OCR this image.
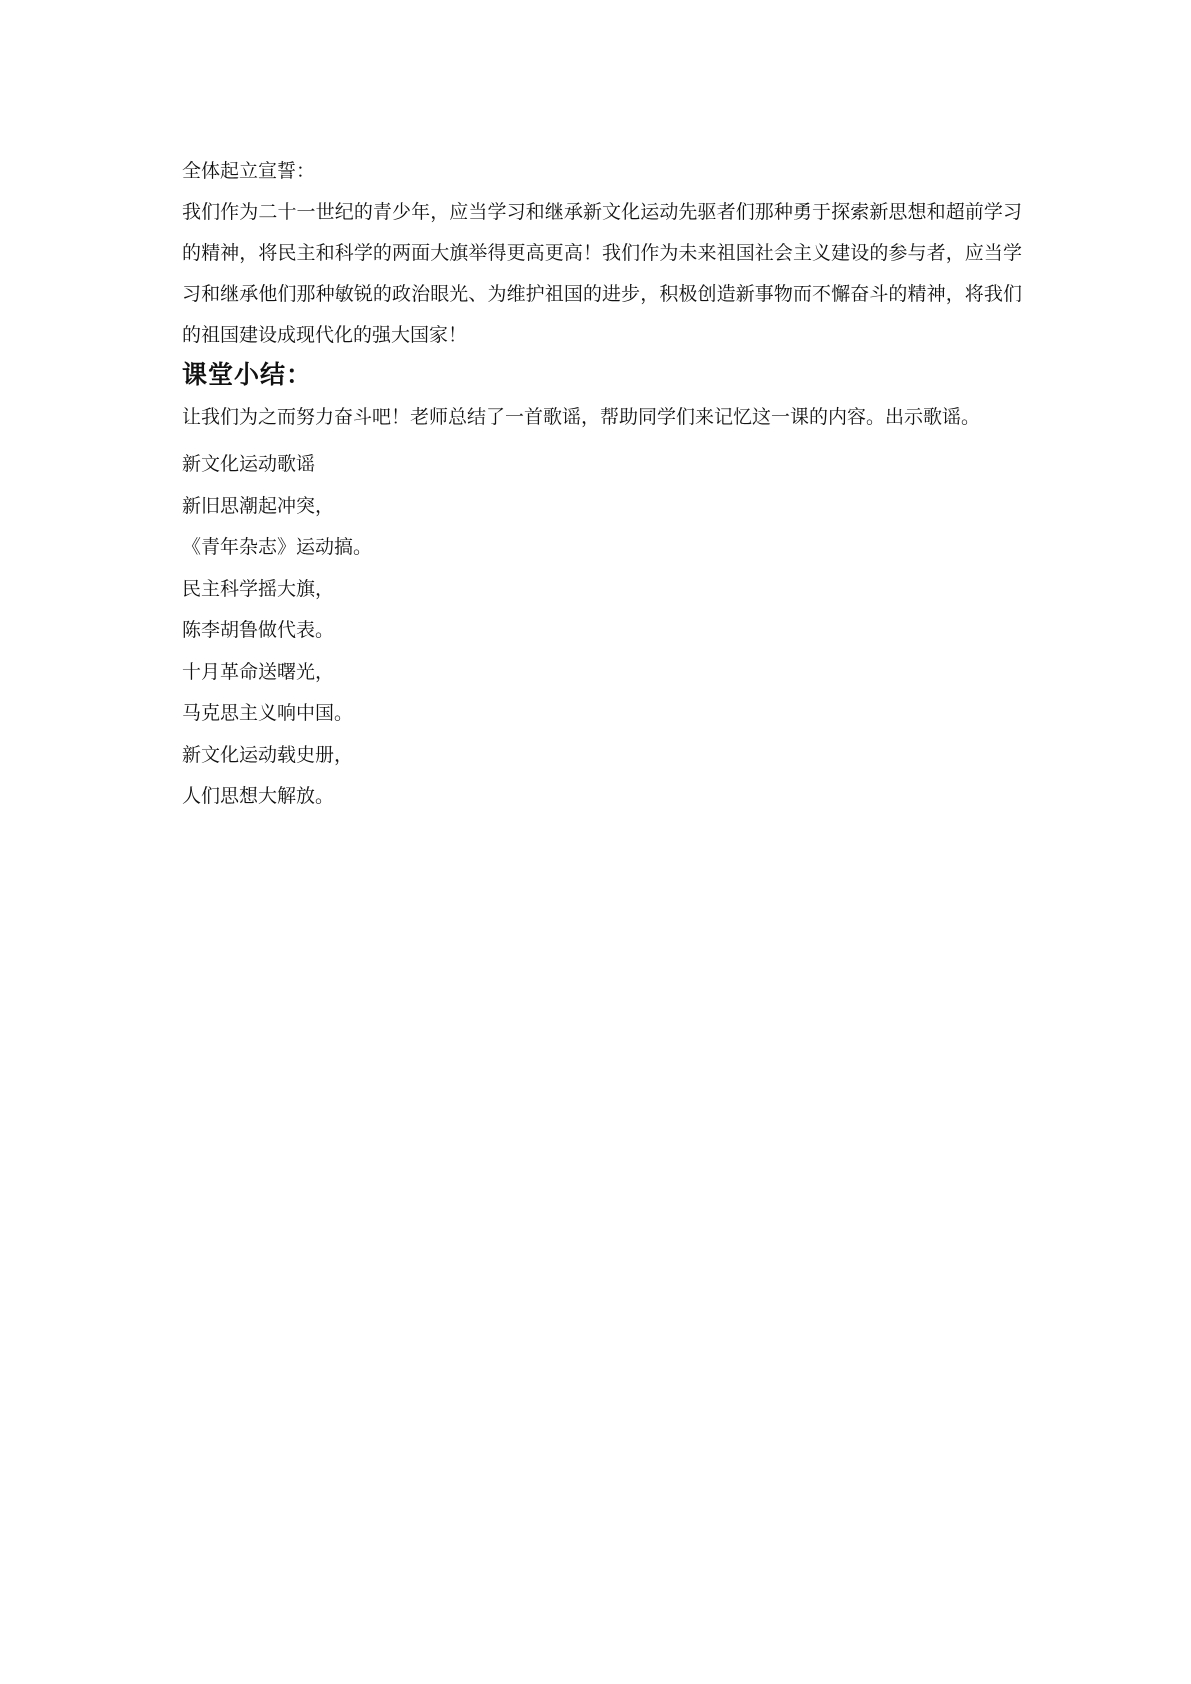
全体起立宣誓：

我们作为二十一世纪的青少年，应当学习和继承新文化运动先驱者们那种勇于探索新思想和超前学习的精神，将民主和科学的两面大旗举得更高更高！我们作为未来祖国社会主义建设的参与者，应当学习和继承他们那种敏锐的政治眼光、为维护祖国的进步，积极创造新事物而不懈奋斗的精神，将我们的祖国建设成现代化的强大国家！

课堂小结：

让我们为之而努力奋斗吧！老师总结了一首歌谣，帮助同学们来记忆这一课的内容。出示歌谣。

新文化运动歌谣
新旧思潮起冲突，
《青年杂志》运动搞。
民主科学摇大旗，
陈李胡鲁做代表。
十月革命送曙光，
马克思主义响中国。
新文化运动载史册，
人们思想大解放。
